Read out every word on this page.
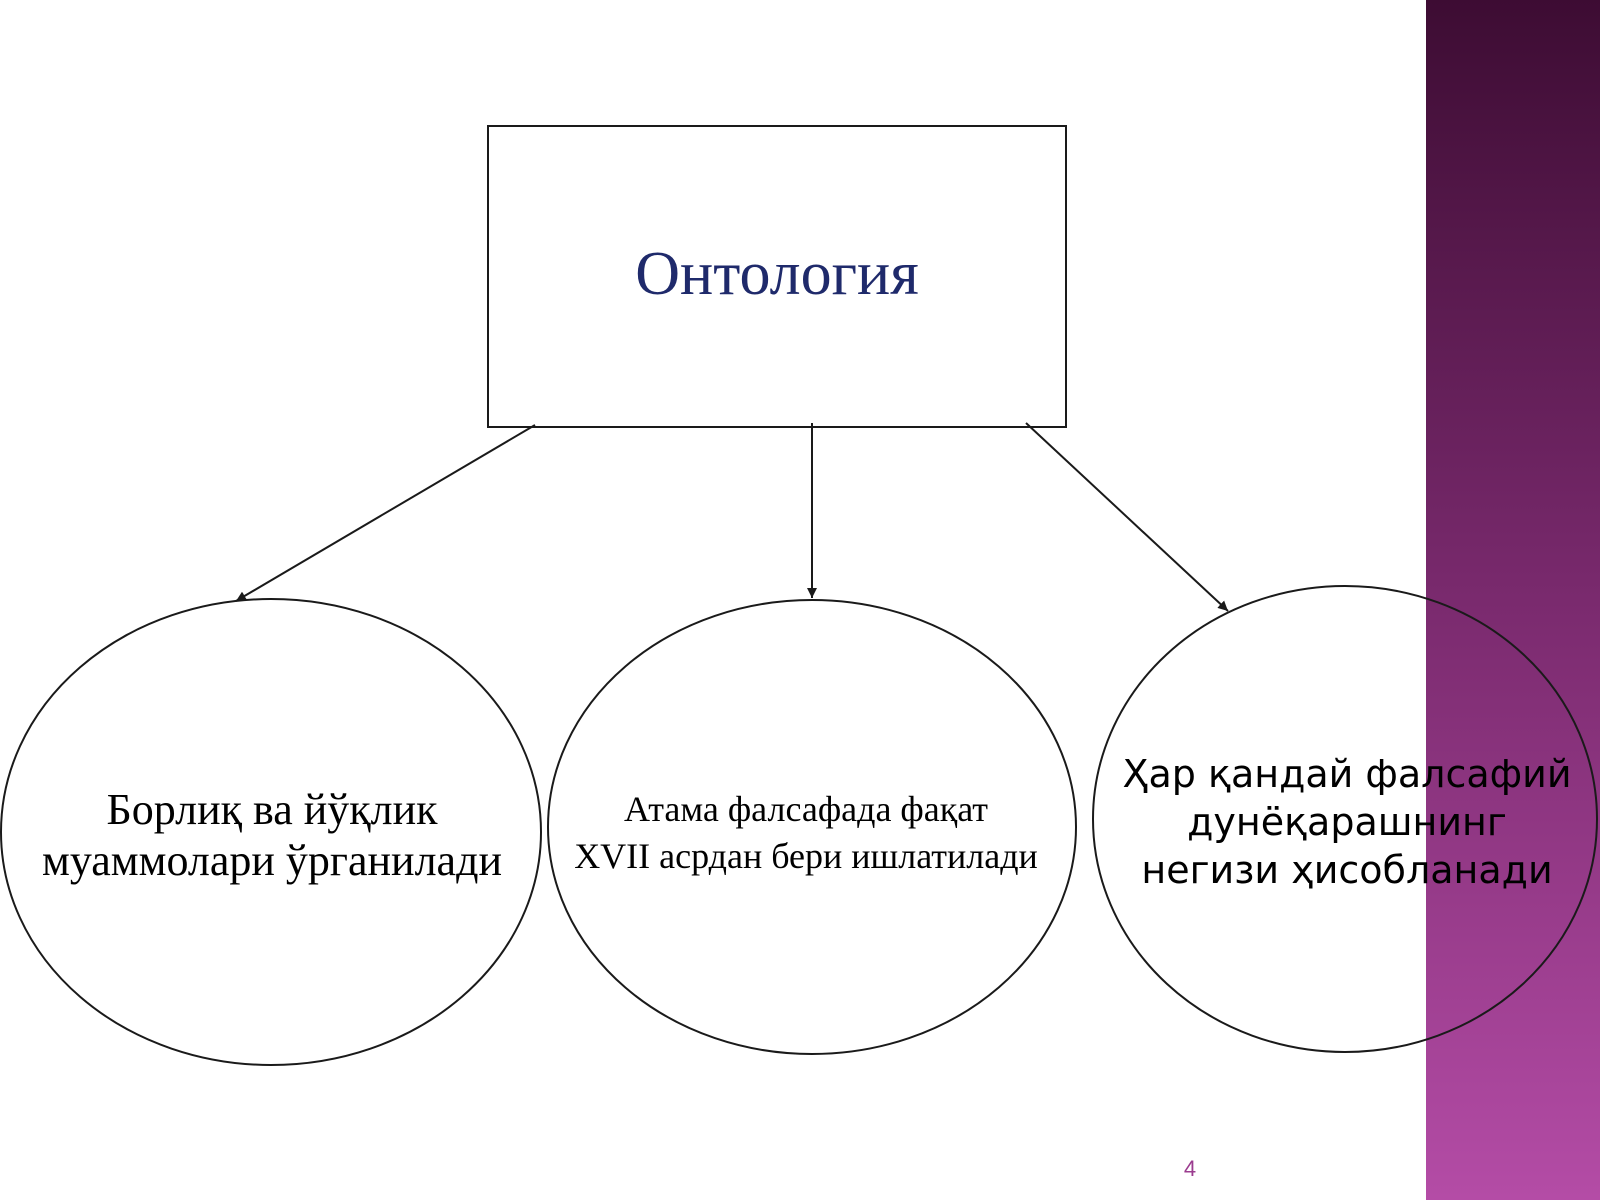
Онтология

Борлиқ ва йўқлик
муаммолари ўрганилади

Атама фалсафада фақат
XVII асрдан бери ишлатилади

Ҳар қандай фалсафий
дунёқарашнинг
негизи ҳисобланади

4
